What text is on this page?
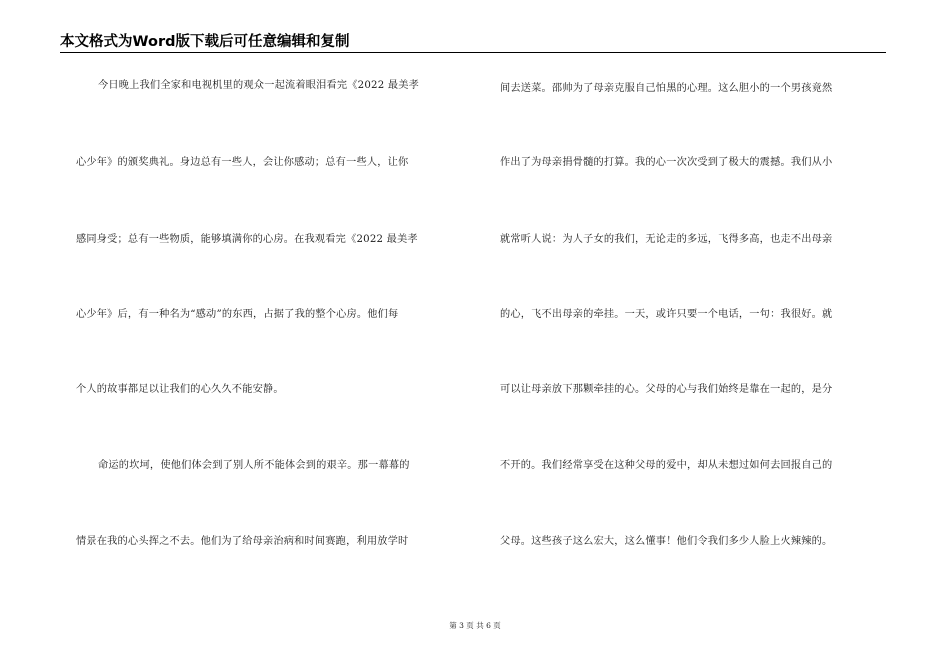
本文格式为Word版下载后可任意编辑和复制
今日晚上我们全家和电视机里的观众一起流着眼泪看完《2022 最美孝
心少年》的颁奖典礼。身边总有一些人，会让你感动；总有一些人，让你
感同身受；总有一些物质，能够填满你的心房。在我观看完《2022 最美孝
心少年》后，有一种名为“感动”的东西，占据了我的整个心房。他们每
个人的故事都足以让我们的心久久不能安静。
命运的坎坷，使他们体会到了别人所不能体会到的艰辛。那一幕幕的
情景在我的心头挥之不去。他们为了给母亲治病和时间赛跑，利用放学时
间去送菜。邵帅为了母亲克服自己怕黑的心理。这么胆小的一个男孩竟然
作出了为母亲捐骨髓的打算。我的心一次次受到了极大的震撼。我们从小
就常听人说：为人子女的我们，无论走的多远，飞得多高，也走不出母亲
的心，飞不出母亲的牵挂。一天，或许只要一个电话，一句：我很好。就
可以让母亲放下那颗牵挂的心。父母的心与我们始终是靠在一起的，是分
不开的。我们经常享受在这种父母的爱中，却从未想过如何去回报自己的
父母。这些孩子这么宏大，这么懂事！他们令我们多少人脸上火辣辣的。
第 3 页 共 6 页
